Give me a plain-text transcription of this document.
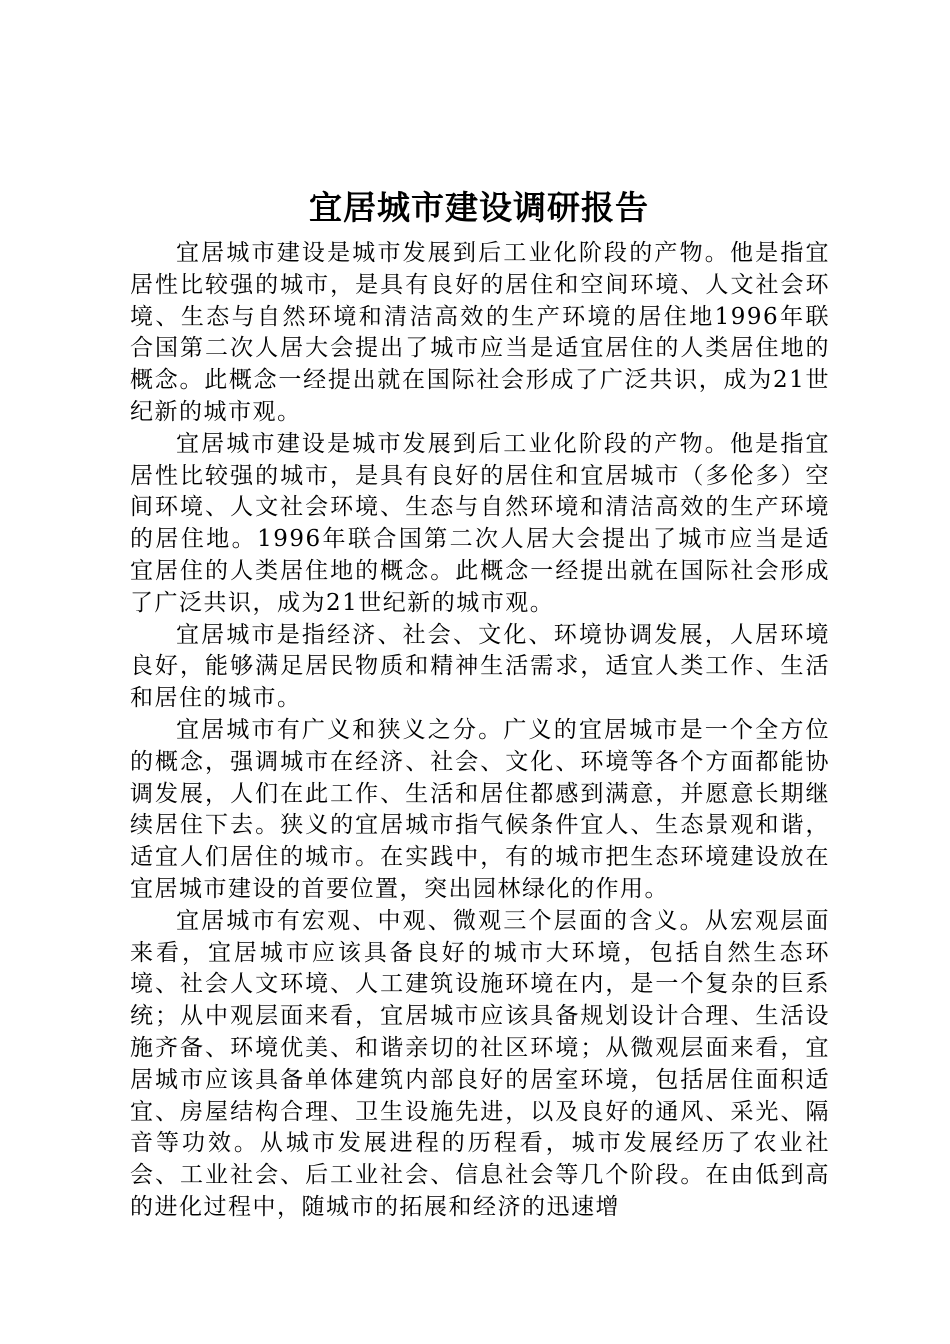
宜居城市建设调研报告

宜居城市建设是城市发展到后工业化阶段的产物。他是指宜居性比较强的城市，是具有良好的居住和空间环境、人文社会环境、生态与自然环境和清洁高效的生产环境的居住地1996年联合国第二次人居大会提出了城市应当是适宜居住的人类居住地的概念。此概念一经提出就在国际社会形成了广泛共识，成为21世纪新的城市观。

宜居城市建设是城市发展到后工业化阶段的产物。他是指宜居性比较强的城市，是具有良好的居住和宜居城市（多伦多）空间环境、人文社会环境、生态与自然环境和清洁高效的生产环境的居住地。1996年联合国第二次人居大会提出了城市应当是适宜居住的人类居住地的概念。此概念一经提出就在国际社会形成了广泛共识，成为21世纪新的城市观。

宜居城市是指经济、社会、文化、环境协调发展，人居环境良好，能够满足居民物质和精神生活需求，适宜人类工作、生活和居住的城市。

宜居城市有广义和狭义之分。广义的宜居城市是一个全方位的概念，强调城市在经济、社会、文化、环境等各个方面都能协调发展，人们在此工作、生活和居住都感到满意，并愿意长期继续居住下去。狭义的宜居城市指气候条件宜人、生态景观和谐，适宜人们居住的城市。在实践中，有的城市把生态环境建设放在宜居城市建设的首要位置，突出园林绿化的作用。

宜居城市有宏观、中观、微观三个层面的含义。从宏观层面来看，宜居城市应该具备良好的城市大环境，包括自然生态环境、社会人文环境、人工建筑设施环境在内，是一个复杂的巨系统；从中观层面来看，宜居城市应该具备规划设计合理、生活设施齐备、环境优美、和谐亲切的社区环境；从微观层面来看，宜居城市应该具备单体建筑内部良好的居室环境，包括居住面积适宜、房屋结构合理、卫生设施先进，以及良好的通风、采光、隔音等功效。从城市发展进程的历程看，城市发展经历了农业社会、工业社会、后工业社会、信息社会等几个阶段。在由低到高的进化过程中，随城市的拓展和经济的迅速增
